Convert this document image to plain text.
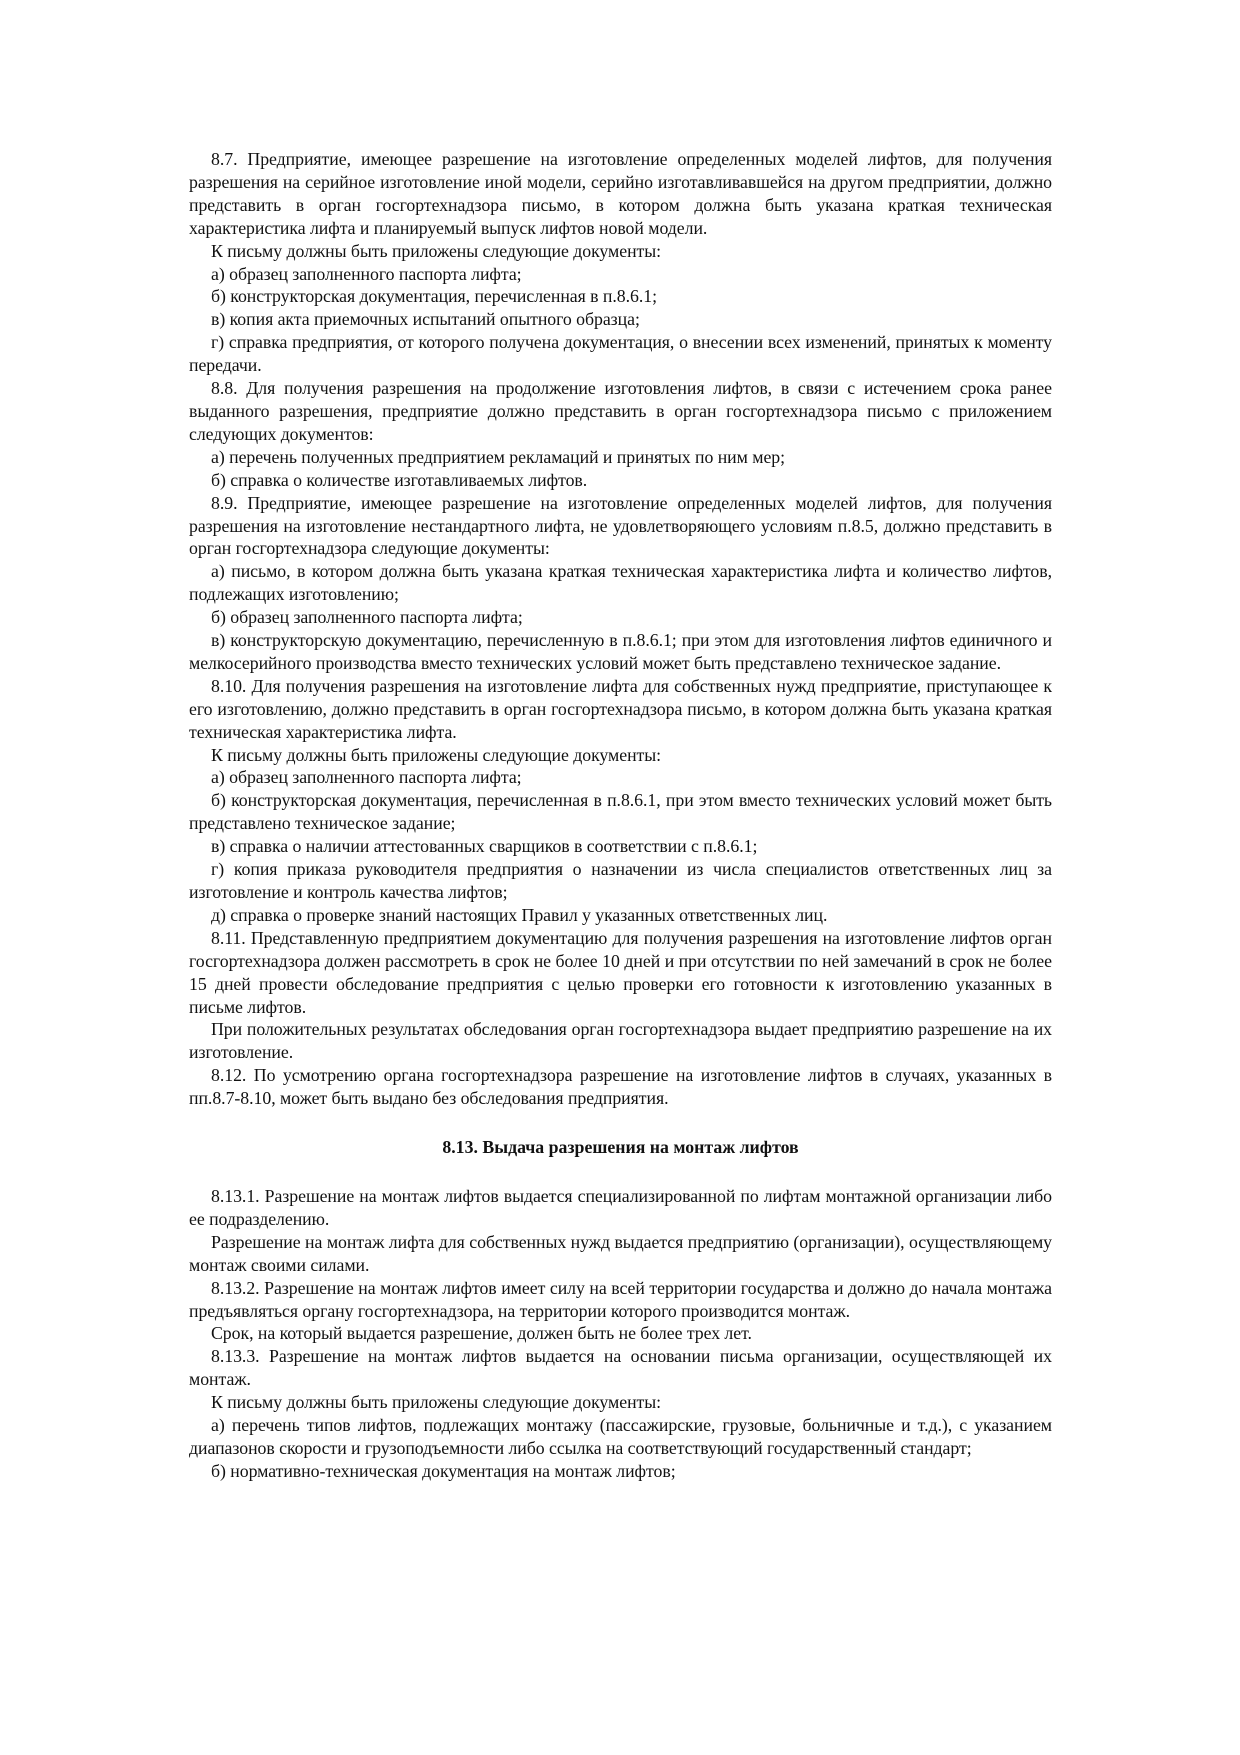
8.7. Предприятие, имеющее разрешение на изготовление определенных моделей лифтов, для получения разрешения на серийное изготовление иной модели, серийно изготавливавшейся на другом предприятии, должно представить в орган госгортехнадзора письмо, в котором должна быть указана краткая техническая характеристика лифта и планируемый выпуск лифтов новой модели.

К письму должны быть приложены следующие документы:

а) образец заполненного паспорта лифта;

б) конструкторская документация, перечисленная в п.8.6.1;

в) копия акта приемочных испытаний опытного образца;

г) справка предприятия, от которого получена документация, о внесении всех изменений, принятых к моменту передачи.

8.8. Для получения разрешения на продолжение изготовления лифтов, в связи с истечением срока ранее выданного разрешения, предприятие должно представить в орган госгортехнадзора письмо с приложением следующих документов:

а) перечень полученных предприятием рекламаций и принятых по ним мер;

б) справка о количестве изготавливаемых лифтов.

8.9. Предприятие, имеющее разрешение на изготовление определенных моделей лифтов, для получения разрешения на изготовление нестандартного лифта, не удовлетворяющего условиям п.8.5, должно представить в орган госгортехнадзора следующие документы:

а) письмо, в котором должна быть указана краткая техническая характеристика лифта и количество лифтов, подлежащих изготовлению;

б) образец заполненного паспорта лифта;

в) конструкторскую документацию, перечисленную в п.8.6.1; при этом для изготовления лифтов единичного и мелкосерийного производства вместо технических условий может быть представлено техническое задание.

8.10. Для получения разрешения на изготовление лифта для собственных нужд предприятие, приступающее к его изготовлению, должно представить в орган госгортехнадзора письмо, в котором должна быть указана краткая техническая характеристика лифта.

К письму должны быть приложены следующие документы:

а) образец заполненного паспорта лифта;

б) конструкторская документация, перечисленная в п.8.6.1, при этом вместо технических условий может быть представлено техническое задание;

в) справка о наличии аттестованных сварщиков в соответствии с п.8.6.1;

г) копия приказа руководителя предприятия о назначении из числа специалистов ответственных лиц за изготовление и контроль качества лифтов;

д) справка о проверке знаний настоящих Правил у указанных ответственных лиц.

8.11. Представленную предприятием документацию для получения разрешения на изготовление лифтов орган госгортехнадзора должен рассмотреть в срок не более 10 дней и при отсутствии по ней замечаний в срок не более 15 дней провести обследование предприятия с целью проверки его готовности к изготовлению указанных в письме лифтов.

При положительных результатах обследования орган госгортехнадзора выдает предприятию разрешение на их изготовление.

8.12. По усмотрению органа госгортехнадзора разрешение на изготовление лифтов в случаях, указанных в пп.8.7-8.10, может быть выдано без обследования предприятия.

8.13. Выдача разрешения на монтаж лифтов

8.13.1. Разрешение на монтаж лифтов выдается специализированной по лифтам монтажной организации либо ее подразделению.

Разрешение на монтаж лифта для собственных нужд выдается предприятию (организации), осуществляющему монтаж своими силами.

8.13.2. Разрешение на монтаж лифтов имеет силу на всей территории государства и должно до начала монтажа предъявляться органу госгортехнадзора, на территории которого производится монтаж.

Срок, на который выдается разрешение, должен быть не более трех лет.

8.13.3. Разрешение на монтаж лифтов выдается на основании письма организации, осуществляющей их монтаж.

К письму должны быть приложены следующие документы:

а) перечень типов лифтов, подлежащих монтажу (пассажирские, грузовые, больничные и т.д.), с указанием диапазонов скорости и грузоподъемности либо ссылка на соответствующий государственный стандарт;

б) нормативно-техническая документация на монтаж лифтов;
